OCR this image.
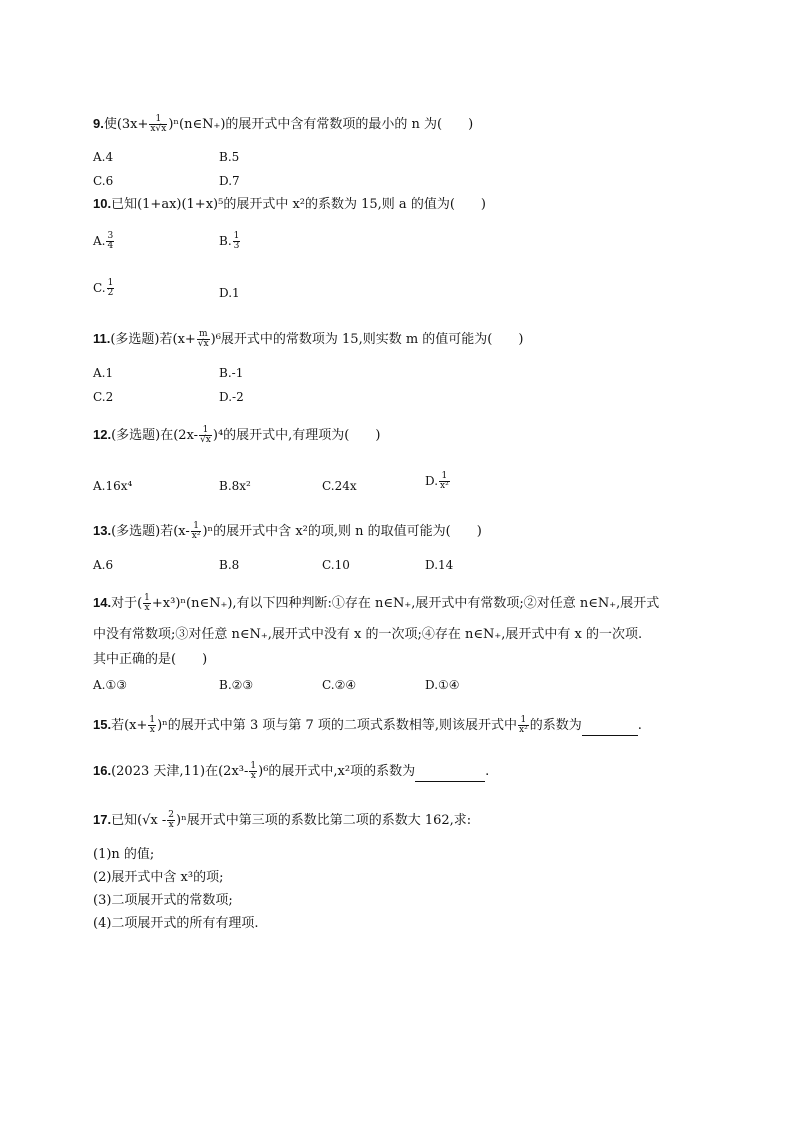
9.使($3x+ \frac{1}{x√x}$ )ⁿ(n∈N₊)的展开式中含有常数项的最小的 n 为(　　)
A.4	B.5
C.6	D.7
10.已知(1+ax)(1+x)⁵的展开式中 x²的系数为 15,则 a 的值为(　　)
A. $\frac{3}{4}$	B. $\frac{1}{3}$
C. $\frac{1}{2}$	D.1
11.(多选题)若$(x+ \frac{m}{√x} )^6$展开式中的常数项为 15,则实数 m 的值可能为(　　)
A.1	B.-1
C.2	D.-2
12.(多选题)在$(2x- \frac{1}{√x} )^4$的展开式中,有理项为(　　)
A.16x⁴	B.8x²	C.24x	D. $\frac{1}{\text{x²}}$
13.(多选题)若$(x- \frac{1}{\text{x²}} )^n$的展开式中含 x²的项,则 n 的取值可能为(　　)
A.6	B.8	C.10	D.14
14.对于( $\frac{1}{x}$ +x³)ⁿ(n∈N₊),有以下四种判断:①存在 n∈N₊,展开式中有常数项;②对任意 n∈N₊,展开式
中没有常数项;③对任意 n∈N₊,展开式中没有 x 的一次项;④存在 n∈N₊,展开式中有 x 的一次项.
其中正确的是(　　)
A.①③	B.②③	C.②④	D.①④
15.若$(x+ \frac{1}{x} )^n$的展开式中第 3 项与第 7 项的二项式系数相等,则该展开式中 $\frac{1}{\text{x²}}$ 的系数为	.
16.(2023 天津,11)在$(2x^3- \frac{1}{x} )^6$的展开式中,x²项的系数为	.
17.已知$(√x - \frac{2}{x} )^n$展开式中第三项的系数比第二项的系数大 162,求:
(1)n 的值;
(2)展开式中含 x³的项;
(3)二项展开式的常数项;
(4)二项展开式的所有有理项.
